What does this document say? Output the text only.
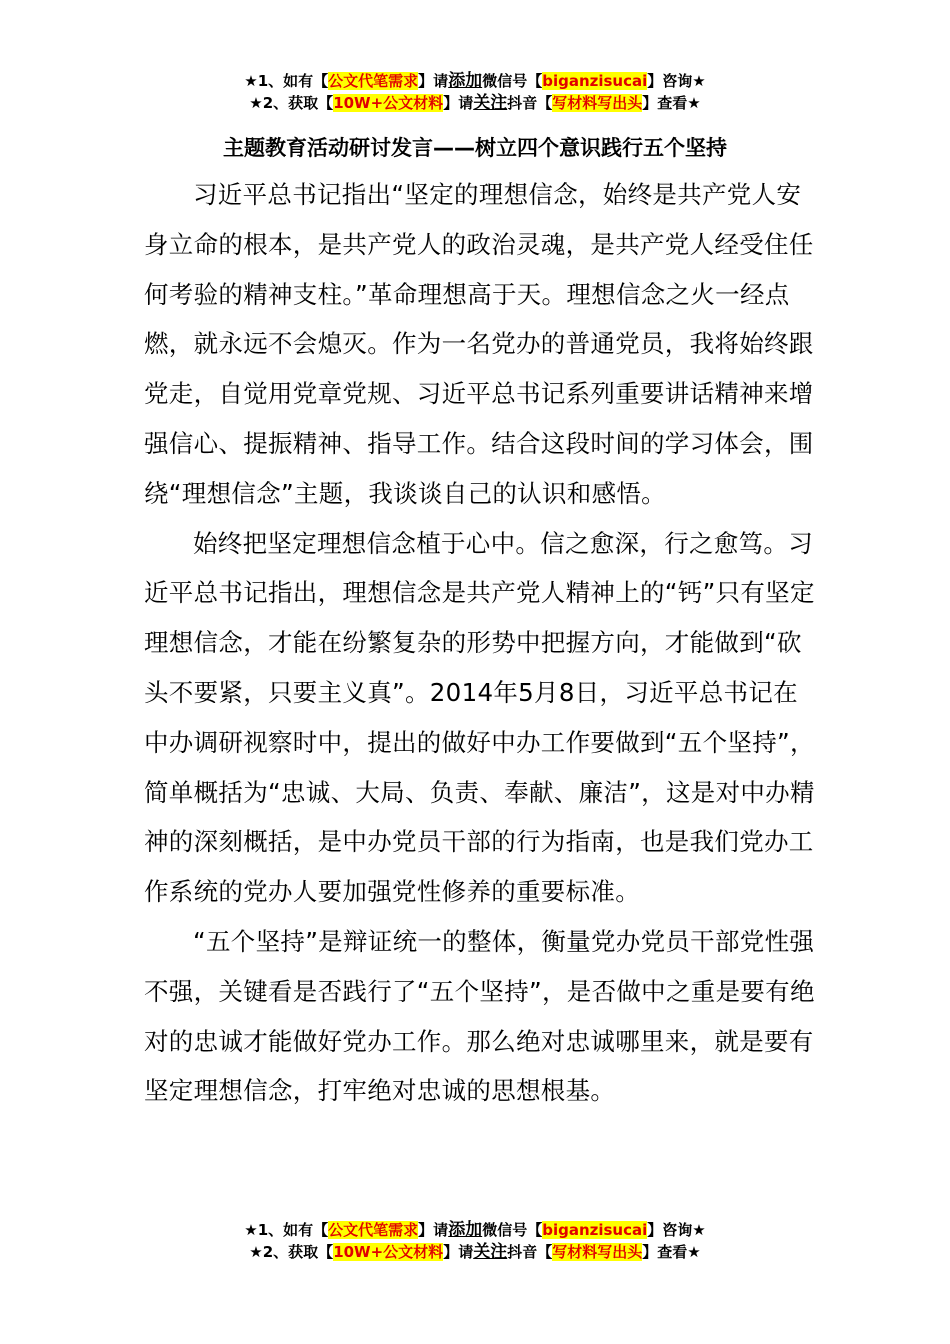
★1、如有【公文代笔需求】请添加微信号【biganzisucai】咨询★
★2、获取【10W+公文材料】请关注抖音【写材料写出头】查看★
主题教育活动研讨发言——树立四个意识践行五个坚持

习近平总书记指出“坚定的理想信念，始终是共产党人安身立命的根本，是共产党人的政治灵魂，是共产党人经受住任何考验的精神支柱。”革命理想高于天。理想信念之火一经点燃，就永远不会熄灭。作为一名党办的普通党员，我将始终跟党走，自觉用党章党规、习近平总书记系列重要讲话精神来增强信心、提振精神、指导工作。结合这段时间的学习体会，围绕“理想信念”主题，我谈谈自己的认识和感悟。

始终把坚定理想信念植于心中。信之愈深，行之愈笃。习近平总书记指出，理想信念是共产党人精神上的“钙”只有坚定理想信念，才能在纷繁复杂的形势中把握方向，才能做到“砍头不要紧，只要主义真”。2014年5月8日，习近平总书记在中办调研视察时中，提出的做好中办工作要做到“五个坚持”，简单概括为“忠诚、大局、负责、奉献、廉洁”，这是对中办精神的深刻概括，是中办党员干部的行为指南，也是我们党办工作系统的党办人要加强党性修养的重要标准。

“五个坚持”是辩证统一的整体，衡量党办党员干部党性强不强，关键看是否践行了“五个坚持”，是否做中之重是要有绝对的忠诚才能做好党办工作。那么绝对忠诚哪里来，就是要有坚定理想信念，打牢绝对忠诚的思想根基。

★1、如有【公文代笔需求】请添加微信号【biganzisucai】咨询★
★2、获取【10W+公文材料】请关注抖音【写材料写出头】查看★
